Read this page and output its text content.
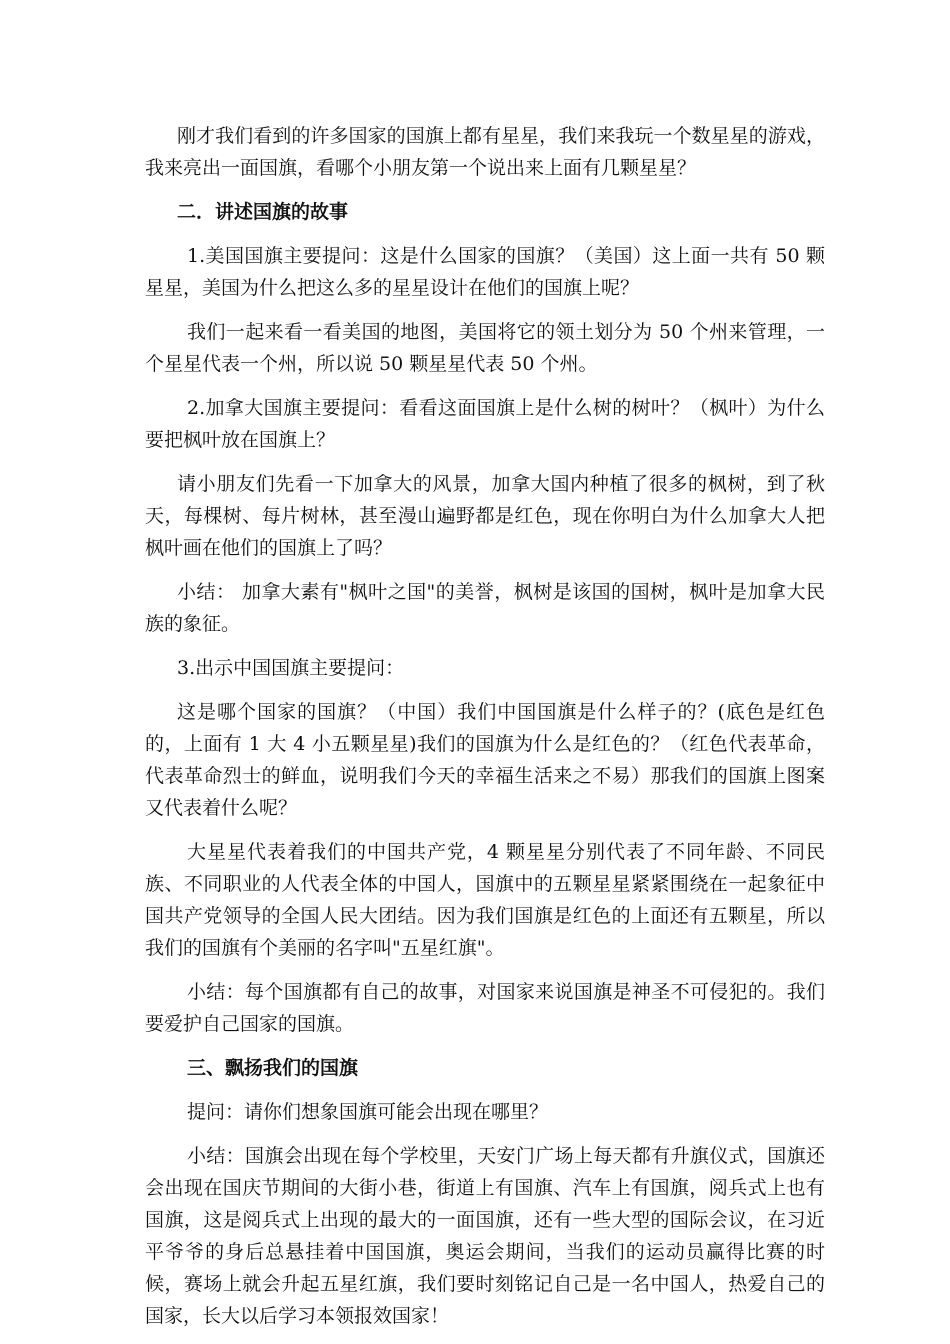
刚才我们看到的许多国家的国旗上都有星星，我们来我玩一个数星星的游戏，我来亮出一面国旗，看哪个小朋友第一个说出来上面有几颗星星？

二．讲述国旗的故事

1.美国国旗主要提问：这是什么国家的国旗？（美国）这上面一共有 50 颗星星，美国为什么把这么多的星星设计在他们的国旗上呢？

我们一起来看一看美国的地图，美国将它的领土划分为 50 个州来管理，一个星星代表一个州，所以说 50 颗星星代表 50 个州。

2.加拿大国旗主要提问：看看这面国旗上是什么树的树叶？（枫叶）为什么要把枫叶放在国旗上？

请小朋友们先看一下加拿大的风景，加拿大国内种植了很多的枫树，到了秋天，每棵树、每片树林，甚至漫山遍野都是红色，现在你明白为什么加拿大人把枫叶画在他们的国旗上了吗？

小结： 加拿大素有"枫叶之国"的美誉，枫树是该国的国树，枫叶是加拿大民族的象征。

3.出示中国国旗主要提问：

这是哪个国家的国旗？（中国）我们中国国旗是什么样子的？(底色是红色的，上面有 1 大 4 小五颗星星)我们的国旗为什么是红色的？（红色代表革命，代表革命烈士的鲜血，说明我们今天的幸福生活来之不易）那我们的国旗上图案又代表着什么呢？

大星星代表着我们的中国共产党，4 颗星星分别代表了不同年龄、不同民族、不同职业的人代表全体的中国人，国旗中的五颗星星紧紧围绕在一起象征中国共产党领导的全国人民大团结。因为我们国旗是红色的上面还有五颗星，所以我们的国旗有个美丽的名字叫"五星红旗"。

小结：每个国旗都有自己的故事，对国家来说国旗是神圣不可侵犯的。我们要爱护自己国家的国旗。

三、飘扬我们的国旗

提问：请你们想象国旗可能会出现在哪里？

小结：国旗会出现在每个学校里，天安门广场上每天都有升旗仪式，国旗还会出现在国庆节期间的大街小巷，街道上有国旗、汽车上有国旗，阅兵式上也有国旗，这是阅兵式上出现的最大的一面国旗，还有一些大型的国际会议，在习近平爷爷的身后总悬挂着中国国旗，奥运会期间，当我们的运动员赢得比赛的时候，赛场上就会升起五星红旗，我们要时刻铭记自己是一名中国人，热爱自己的国家，长大以后学习本领报效国家！
